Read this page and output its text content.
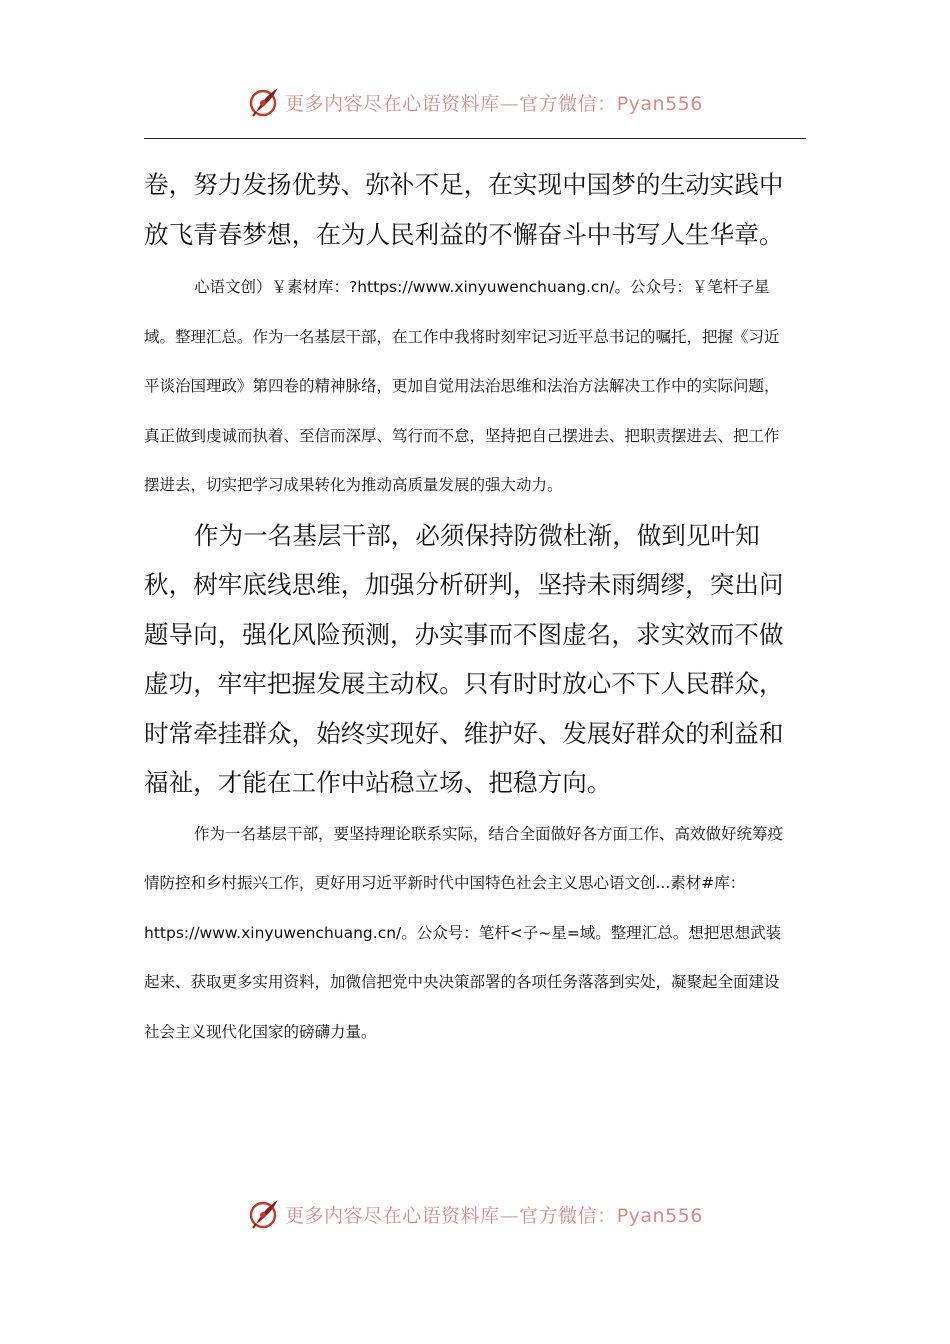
更多内容尽在心语资料库—官方微信：Pyan556

卷，努力发扬优势、弥补不足，在实现中国梦的生动实践中放飞青春梦想，在为人民利益的不懈奋斗中书写人生华章。

心语文创）￥素材库：?https://www.xinyuwenchuang.cn/。公众号：￥笔杆子星域。整理汇总。作为一名基层干部，在工作中我将时刻牢记习近平总书记的嘱托，把握《习近平谈治国理政》第四卷的精神脉络，更加自觉用法治思维和法治方法解决工作中的实际问题，真正做到虔诚而执着、至信而深厚、笃行而不怠，坚持把自己摆进去、把职责摆进去、把工作摆进去，切实把学习成果转化为推动高质量发展的强大动力。

作为一名基层干部，必须保持防微杜渐，做到见叶知秋，树牢底线思维，加强分析研判，坚持未雨绸缪，突出问题导向，强化风险预测，办实事而不图虚名，求实效而不做虚功，牢牢把握发展主动权。只有时时放心不下人民群众，时常牵挂群众，始终实现好、维护好、发展好群众的利益和福祉，才能在工作中站稳立场、把稳方向。

作为一名基层干部，要坚持理论联系实际，结合全面做好各方面工作、高效做好统筹疫情防控和乡村振兴工作，更好用习近平新时代中国特色社会主义思心语文创...素材#库：https://www.xinyuwenchuang.cn/。公众号：笔杆<子~星=域。整理汇总。想把思想武装起来、获取更多实用资料，加微信把党中央决策部署的各项任务落落到实处，凝聚起全面建设社会主义现代化国家的磅礴力量。

更多内容尽在心语资料库—官方微信：Pyan556
